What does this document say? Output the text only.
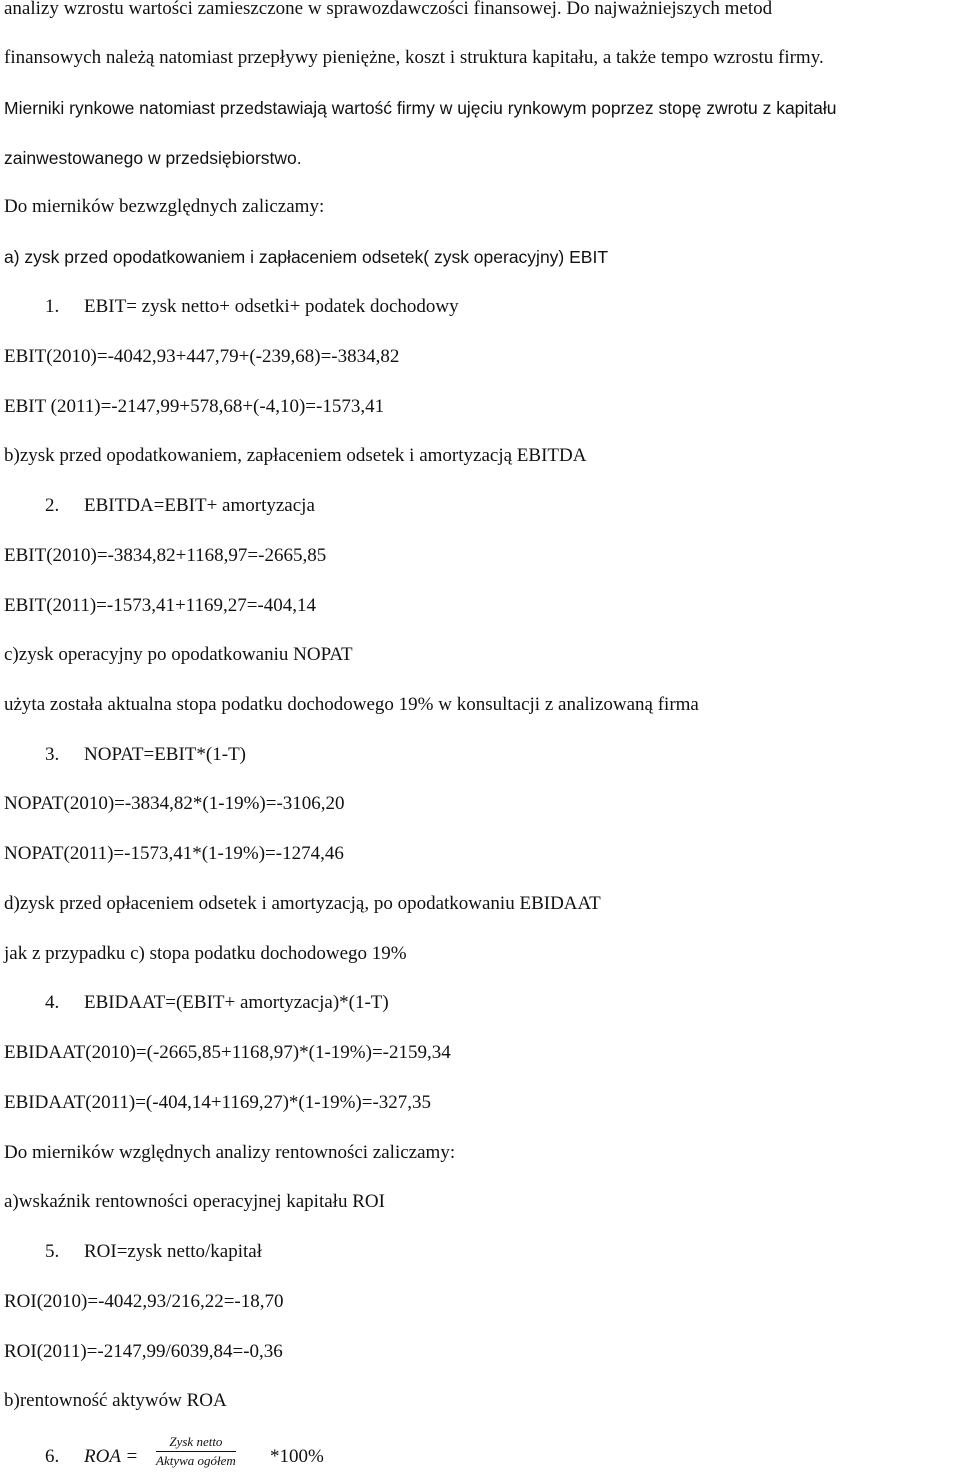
analizy wzrostu wartości zamieszczone w sprawozdawczości finansowej. Do najważniejszych metod

finansowych należą natomiast przepływy pieniężne, koszt i struktura kapitału, a także tempo wzrostu firmy.

Mierniki rynkowe natomiast przedstawiają wartość firmy w ujęciu rynkowym poprzez stopę zwrotu z kapitału

zainwestowanego w przedsiębiorstwo.

Do mierników bezwzględnych zaliczamy:

a) zysk przed opodatkowaniem i zapłaceniem odsetek( zysk operacyjny) EBIT

1. EBIT= zysk netto+ odsetki+ podatek dochodowy

EBIT(2010)=-4042,93+447,79+(-239,68)=-3834,82

EBIT (2011)=-2147,99+578,68+(-4,10)=-1573,41

b)zysk przed opodatkowaniem, zapłaceniem odsetek i amortyzacją EBITDA

2. EBITDA=EBIT+ amortyzacja

EBIT(2010)=-3834,82+1168,97=-2665,85

EBIT(2011)=-1573,41+1169,27=-404,14

c)zysk operacyjny po opodatkowaniu NOPAT

użyta została aktualna stopa podatku dochodowego 19% w konsultacji z analizowaną firma

3. NOPAT=EBIT*(1-T)

NOPAT(2010)=-3834,82*(1-19%)=-3106,20

NOPAT(2011)=-1573,41*(1-19%)=-1274,46

d)zysk przed opłaceniem odsetek i amortyzacją, po opodatkowaniu EBIDAAT

jak z przypadku c) stopa podatku dochodowego 19%

4. EBIDAAT=(EBIT+ amortyzacja)*(1-T)

EBIDAAT(2010)=(-2665,85+1168,97)*(1-19%)=-2159,34

EBIDAAT(2011)=(-404,14+1169,27)*(1-19%)=-327,35

Do mierników względnych analizy rentowności zaliczamy:

a)wskaźnik rentowności operacyjnej kapitału ROI

5. ROI=zysk netto/kapitał

ROI(2010)=-4042,93/216,22=-18,70

ROI(2011)=-2147,99/6039,84=-0,36

b)rentowność aktywów ROA

6. ROA =
Zysk netto
Aktywa ogółem *100%
